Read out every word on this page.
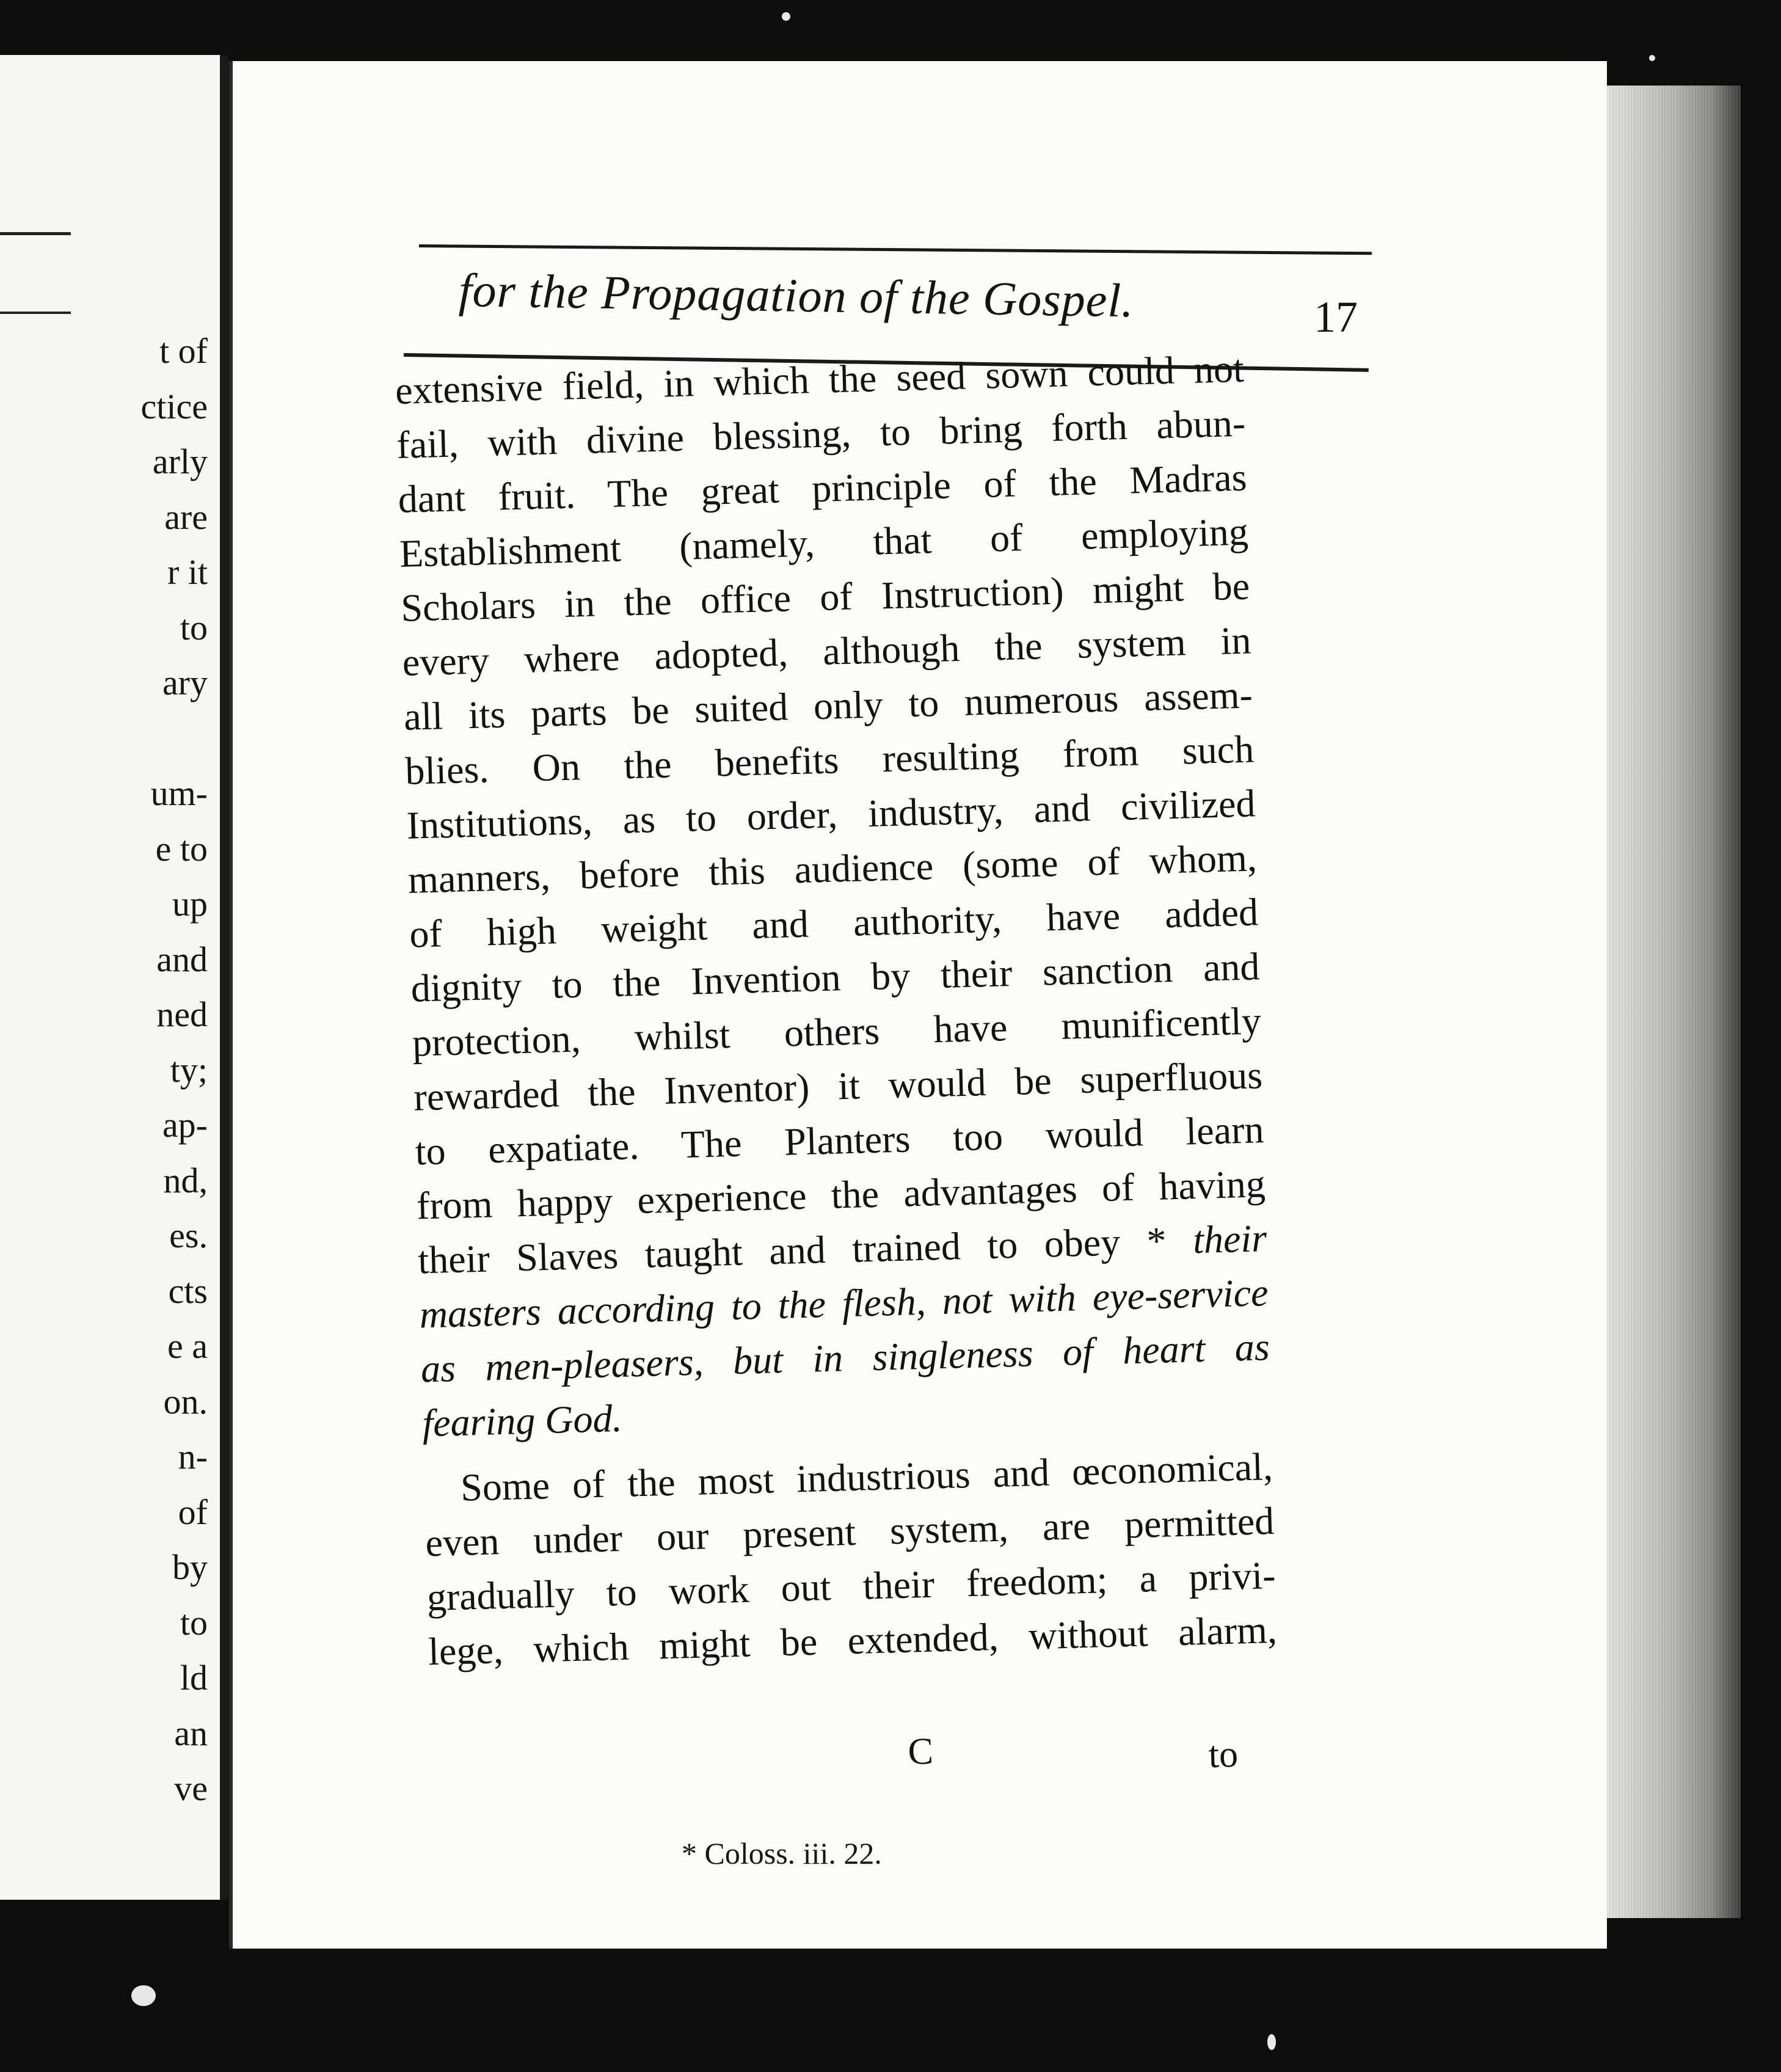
t of
ctice
arly
are
r it
to
ary

um-
e to
up
and
ned
ty;
ap-
nd,
es.
cts
e a
on.
n-
of
by
to
ld
an
ve
for the Propagation of the Gospel.	17
extensive field, in which the seed sown could not
fail, with divine blessing, to bring forth abun-
dant fruit. The great principle of the Madras
Establishment (namely, that of employing
Scholars in the office of Instruction) might be
every where adopted, although the system in
all its parts be suited only to numerous assem-
blies. On the benefits resulting from such
Institutions, as to order, industry, and civilized
manners, before this audience (some of whom,
of high weight and authority, have added
dignity to the Invention by their sanction and
protection, whilst others have munificently
rewarded the Inventor) it would be superfluous
to expatiate. The Planters too would learn
from happy experience the advantages of having
their Slaves taught and trained to obey * their
masters according to the flesh, not with eye-service
as men-pleasers, but in singleness of heart as
fearing God.
Some of the most industrious and œconomical,
even under our present system, are permitted
gradually to work out their freedom; a privi-
lege, which might be extended, without alarm,
C	to
* Coloss. iii. 22.
